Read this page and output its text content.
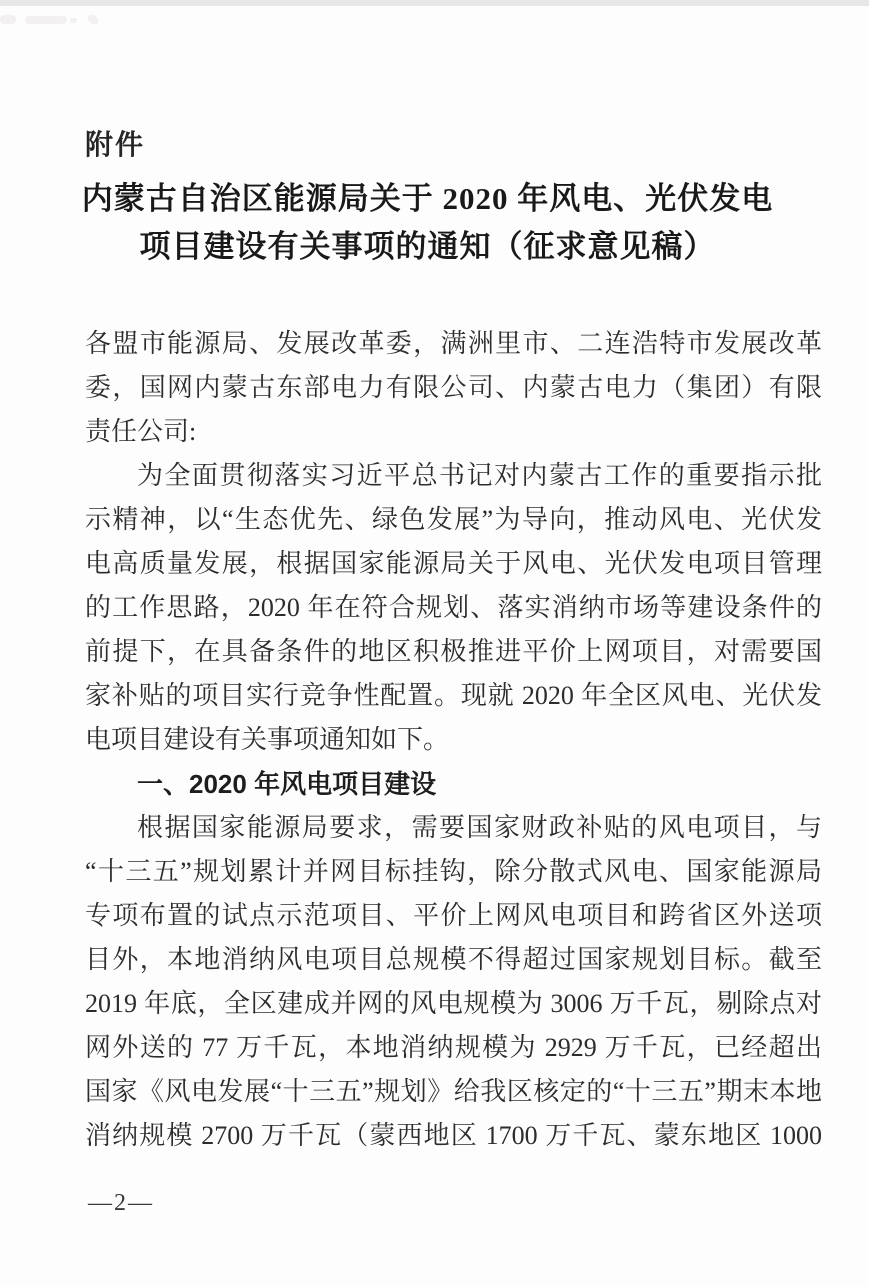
附件
内蒙古自治区能源局关于 2020 年风电、光伏发电
项目建设有关事项的通知（征求意见稿）
各盟市能源局、发展改革委，满洲里市、二连浩特市发展改革
委，国网内蒙古东部电力有限公司、内蒙古电力（集团）有限
责任公司:
为全面贯彻落实习近平总书记对内蒙古工作的重要指示批
示精神，以“生态优先、绿色发展”为导向，推动风电、光伏发
电高质量发展，根据国家能源局关于风电、光伏发电项目管理
的工作思路，2020 年在符合规划、落实消纳市场等建设条件的
前提下，在具备条件的地区积极推进平价上网项目，对需要国
家补贴的项目实行竞争性配置。现就 2020 年全区风电、光伏发
电项目建设有关事项通知如下。
一、2020 年风电项目建设
根据国家能源局要求，需要国家财政补贴的风电项目，与
“十三五”规划累计并网目标挂钩，除分散式风电、国家能源局
专项布置的试点示范项目、平价上网风电项目和跨省区外送项
目外，本地消纳风电项目总规模不得超过国家规划目标。截至
2019 年底，全区建成并网的风电规模为 3006 万千瓦，剔除点对
网外送的 77 万千瓦，本地消纳规模为 2929 万千瓦，已经超出
国家《风电发展“十三五”规划》给我区核定的“十三五”期末本地
消纳规模 2700 万千瓦（蒙西地区 1700 万千瓦、蒙东地区 1000
—2—
